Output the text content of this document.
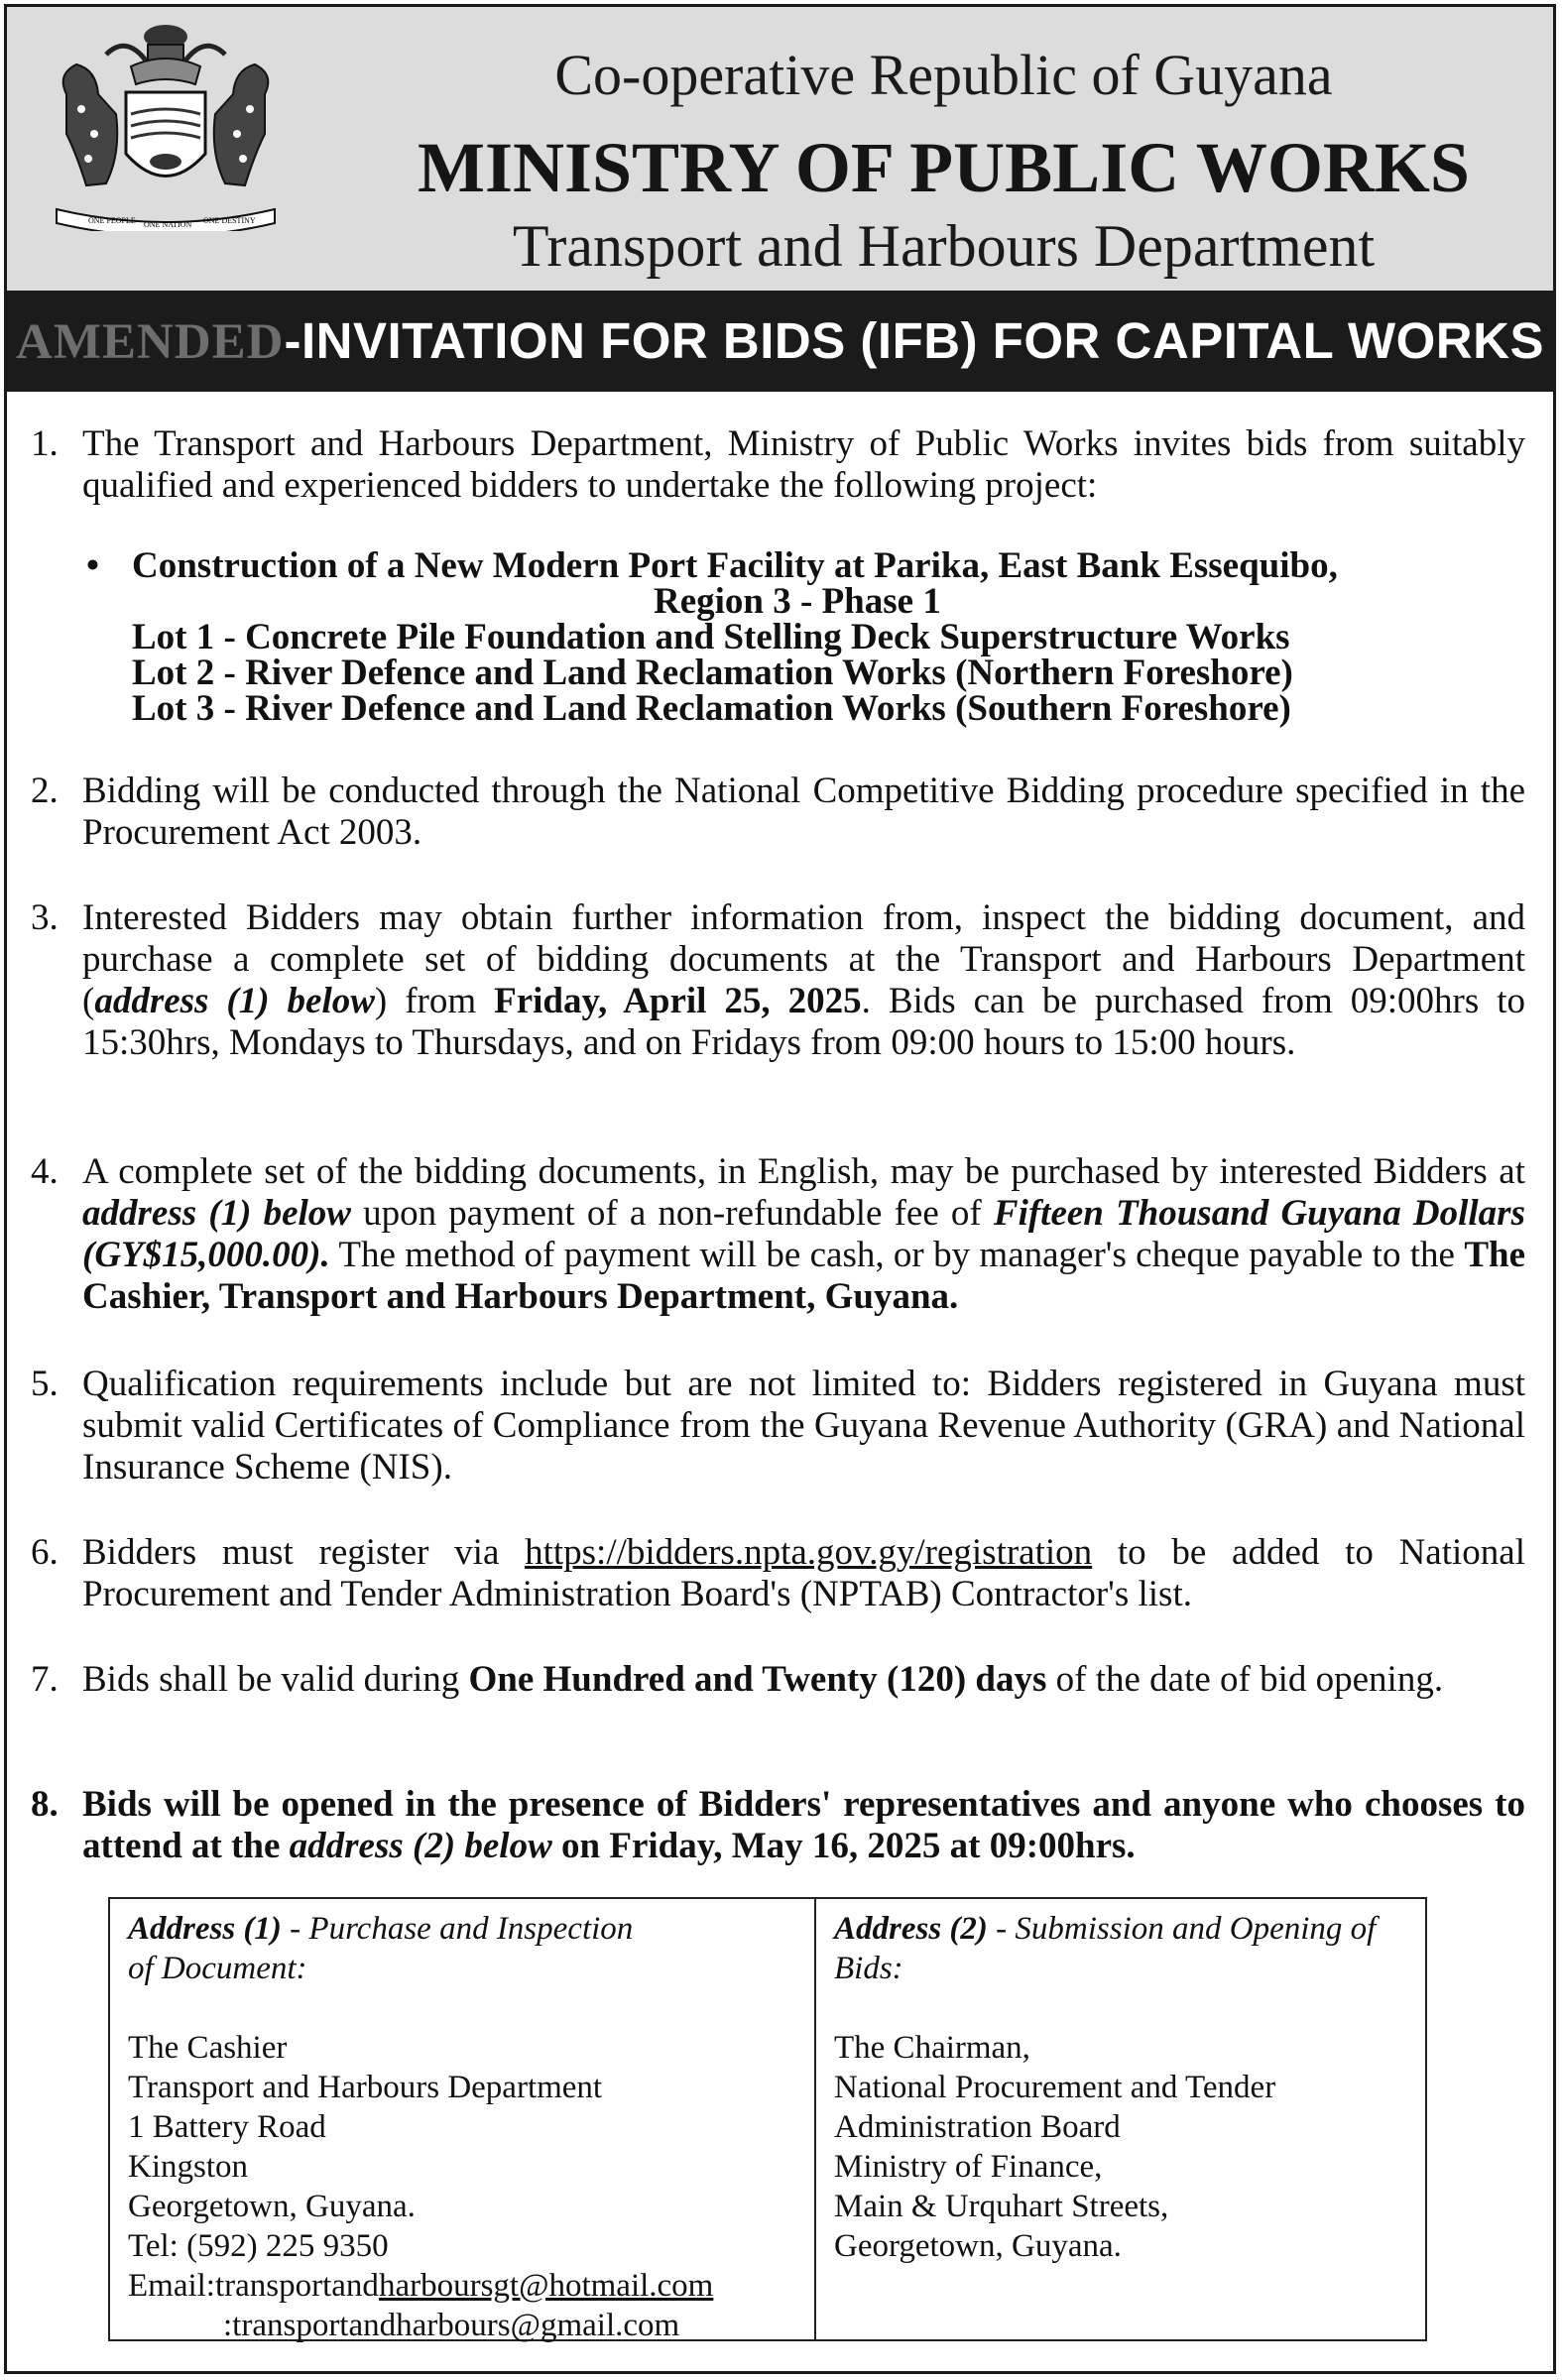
ONE PEOPLE ONE NATION ONE DESTINY
Co-operative Republic of Guyana
MINISTRY OF PUBLIC WORKS
Transport and Harbours Department
AMENDED-INVITATION FOR BIDS (IFB) FOR CAPITAL WORKS
1. The Transport and Harbours Department, Ministry of Public Works invites bids from suitably qualified and experienced bidders to undertake the following project:
• Construction of a New Modern Port Facility at Parika, East Bank Essequibo,
Region 3 - Phase 1
Lot 1 - Concrete Pile Foundation and Stelling Deck Superstructure Works
Lot 2 - River Defence and Land Reclamation Works (Northern Foreshore)
Lot 3 - River Defence and Land Reclamation Works (Southern Foreshore)
2. Bidding will be conducted through the National Competitive Bidding procedure specified in the Procurement Act 2003.
3. Interested Bidders may obtain further information from, inspect the bidding document, and purchase a complete set of bidding documents at the Transport and Harbours Department (address (1) below) from Friday, April 25, 2025. Bids can be purchased from 09:00hrs to 15:30hrs, Mondays to Thursdays, and on Fridays from 09:00 hours to 15:00 hours.
4. A complete set of the bidding documents, in English, may be purchased by interested Bidders at address (1) below upon payment of a non-refundable fee of Fifteen Thousand Guyana Dollars (GY$15,000.00). The method of payment will be cash, or by manager's cheque payable to the The Cashier, Transport and Harbours Department, Guyana.
5. Qualification requirements include but are not limited to: Bidders registered in Guyana must submit valid Certificates of Compliance from the Guyana Revenue Authority (GRA) and National Insurance Scheme (NIS).
6. Bidders must register via https://bidders.npta.gov.gy/registration to be added to National Procurement and Tender Administration Board's (NPTAB) Contractor's list.
7. Bids shall be valid during One Hundred and Twenty (120) days of the date of bid opening.
8. Bids will be opened in the presence of Bidders' representatives and anyone who chooses to attend at the address (2) below on Friday, May 16, 2025 at 09:00hrs.
Address (1) - Purchase and Inspection
of Document:
The Cashier
Transport and Harbours Department
1 Battery Road
Kingston
Georgetown, Guyana.
Tel: (592) 225 9350
Email:transportandharboursgt@hotmail.com
:transportandharbours@gmail.com
Address (2) - Submission and Opening of
Bids:
The Chairman,
National Procurement and Tender
Administration Board
Ministry of Finance,
Main & Urquhart Streets,
Georgetown, Guyana.
